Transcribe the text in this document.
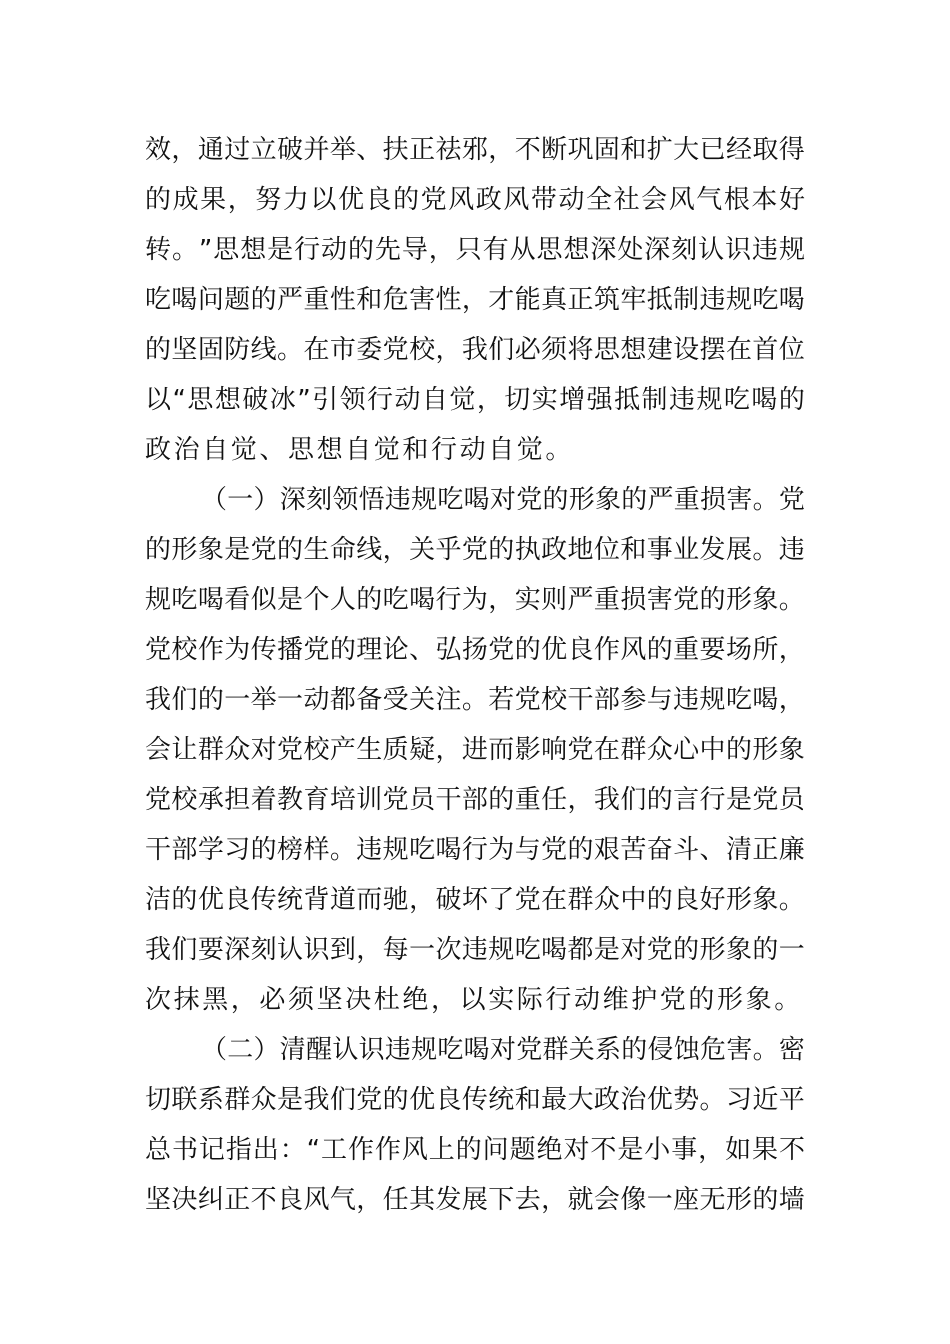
效 ， 通 过 立 破 并 举 、 扶 正 祛 邪 ， 不 断 巩 固 和 扩 大 已 经 取 得
的 成 果 ， 努 力 以 优 良 的 党 风 政 风 带 动 全 社 会 风 气 根 本 好
转 。 ” 思 想 是 行 动 的 先 导 ， 只 有 从 思 想 深 处 深 刻 认 识 违 规
吃 喝 问 题 的 严 重 性 和 危 害 性 ， 才 能 真 正 筑 牢 抵 制 违 规 吃 喝
的 坚 固 防 线 。 在 市 委 党 校 ， 我 们 必 须 将 思 想 建 设 摆 在 首 位
以 “ 思 想 破 冰 ” 引 领 行 动 自 觉 ， 切 实 增 强 抵 制 违 规 吃 喝 的
政治自觉、思想自觉和行动自觉。
（ 一 ） 深 刻 领 悟 违 规 吃 喝 对 党 的 形 象 的 严 重 损 害 。 党
的 形 象 是 党 的 生 命 线 ， 关 乎 党 的 执 政 地 位 和 事 业 发 展 。 违
规 吃 喝 看 似 是 个 人 的 吃 喝 行 为 ， 实 则 严 重 损 害 党 的 形 象 。
党 校 作 为 传 播 党 的 理 论 、 弘 扬 党 的 优 良 作 风 的 重 要 场 所 ，
我 们 的 一 举 一 动 都 备 受 关 注 。 若 党 校 干 部 参 与 违 规 吃 喝 ，
会 让 群 众 对 党 校 产 生 质 疑 ， 进 而 影 响 党 在 群 众 心 中 的 形 象
党 校 承 担 着 教 育 培 训 党 员 干 部 的 重 任 ， 我 们 的 言 行 是 党 员
干 部 学 习 的 榜 样 。 违 规 吃 喝 行 为 与 党 的 艰 苦 奋 斗 、 清 正 廉
洁 的 优 良 传 统 背 道 而 驰 ， 破 坏 了 党 在 群 众 中 的 良 好 形 象 。
我 们 要 深 刻 认 识 到 ， 每 一 次 违 规 吃 喝 都 是 对 党 的 形 象 的 一
次抹黑，必须坚决杜绝，以实际行动维护党的形象。
（ 二 ） 清 醒 认 识 违 规 吃 喝 对 党 群 关 系 的 侵 蚀 危 害 。 密
切 联 系 群 众 是 我 们 党 的 优 良 传 统 和 最 大 政 治 优 势 。 习 近 平
总 书 记 指 出 ： “ 工 作 作 风 上 的 问 题 绝 对 不 是 小 事 ， 如 果 不
坚 决 纠 正 不 良 风 气 ， 任 其 发 展 下 去 ， 就 会 像 一 座 无 形 的 墙
